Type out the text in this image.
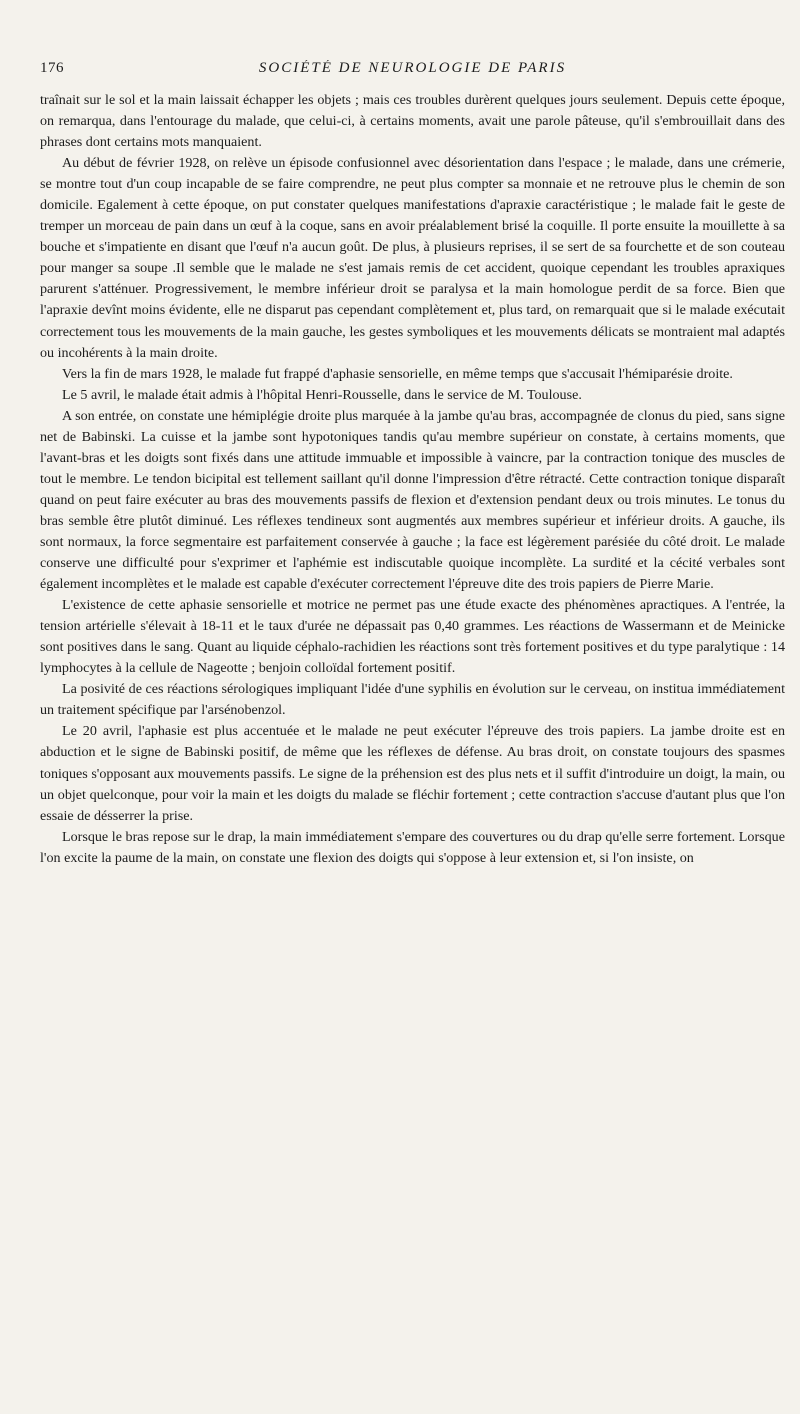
176	SOCIÉTÉ DE NEUROLOGIE DE PARIS

traînait sur le sol et la main laissait échapper les objets ; mais ces troubles durèrent quelques jours seulement. Depuis cette époque, on remarqua, dans l'entourage du malade, que celui-ci, à certains moments, avait une parole pâteuse, qu'il s'embrouillait dans des phrases dont certains mots manquaient.

Au début de février 1928, on relève un épisode confusionnel avec désorientation dans l'espace ; le malade, dans une crémerie, se montre tout d'un coup incapable de se faire comprendre, ne peut plus compter sa monnaie et ne retrouve plus le chemin de son domicile. Egalement à cette époque, on put constater quelques manifestations d'apraxie caractéristique ; le malade fait le geste de tremper un morceau de pain dans un œuf à la coque, sans en avoir préalablement brisé la coquille. Il porte ensuite la mouillette à sa bouche et s'impatiente en disant que l'œuf n'a aucun goût. De plus, à plusieurs reprises, il se sert de sa fourchette et de son couteau pour manger sa soupe .Il semble que le malade ne s'est jamais remis de cet accident, quoique cependant les troubles apraxiques parurent s'atténuer. Progressivement, le membre inférieur droit se paralysa et la main homologue perdit de sa force. Bien que l'apraxie devînt moins évidente, elle ne disparut pas cependant complètement et, plus tard, on remarquait que si le malade exécutait correctement tous les mouvements de la main gauche, les gestes symboliques et les mouvements délicats se montraient mal adaptés ou incohérents à la main droite.

Vers la fin de mars 1928, le malade fut frappé d'aphasie sensorielle, en même temps que s'accusait l'hémiparésie droite.

Le 5 avril, le malade était admis à l'hôpital Henri-Rousselle, dans le service de M. Toulouse.

A son entrée, on constate une hémiplégie droite plus marquée à la jambe qu'au bras, accompagnée de clonus du pied, sans signe net de Babinski. La cuisse et la jambe sont hypotoniques tandis qu'au membre supérieur on constate, à certains moments, que l'avant-bras et les doigts sont fixés dans une attitude immuable et impossible à vaincre, par la contraction tonique des muscles de tout le membre. Le tendon bicipital est tellement saillant qu'il donne l'impression d'être rétracté. Cette contraction tonique disparaît quand on peut faire exécuter au bras des mouvements passifs de flexion et d'extension pendant deux ou trois minutes. Le tonus du bras semble être plutôt diminué. Les réflexes tendineux sont augmentés aux membres supérieur et inférieur droits. A gauche, ils sont normaux, la force segmentaire est parfaitement conservée à gauche ; la face est légèrement parésiée du côté droit. Le malade conserve une difficulté pour s'exprimer et l'aphémie est indiscutable quoique incomplète. La surdité et la cécité verbales sont également incomplètes et le malade est capable d'exécuter correctement l'épreuve dite des trois papiers de Pierre Marie.

L'existence de cette aphasie sensorielle et motrice ne permet pas une étude exacte des phénomènes apractiques. A l'entrée, la tension artérielle s'élevait à 18-11 et le taux d'urée ne dépassait pas 0,40 grammes. Les réactions de Wassermann et de Meinicke sont positives dans le sang. Quant au liquide céphalo-rachidien les réactions sont très fortement positives et du type paralytique : 14 lymphocytes à la cellule de Nageotte ; benjoin colloïdal fortement positif.

La posivité de ces réactions sérologiques impliquant l'idée d'une syphilis en évolution sur le cerveau, on institua immédiatement un traitement spécifique par l'arsénobenzol.

Le 20 avril, l'aphasie est plus accentuée et le malade ne peut exécuter l'épreuve des trois papiers. La jambe droite est en abduction et le signe de Babinski positif, de même que les réflexes de défense. Au bras droit, on constate toujours des spasmes toniques s'opposant aux mouvements passifs. Le signe de la préhension est des plus nets et il suffit d'introduire un doigt, la main, ou un objet quelconque, pour voir la main et les doigts du malade se fléchir fortement ; cette contraction s'accuse d'autant plus que l'on essaie de désserrer la prise.

Lorsque le bras repose sur le drap, la main immédiatement s'empare des couvertures ou du drap qu'elle serre fortement. Lorsque l'on excite la paume de la main, on constate une flexion des doigts qui s'oppose à leur extension et, si l'on insiste, on
